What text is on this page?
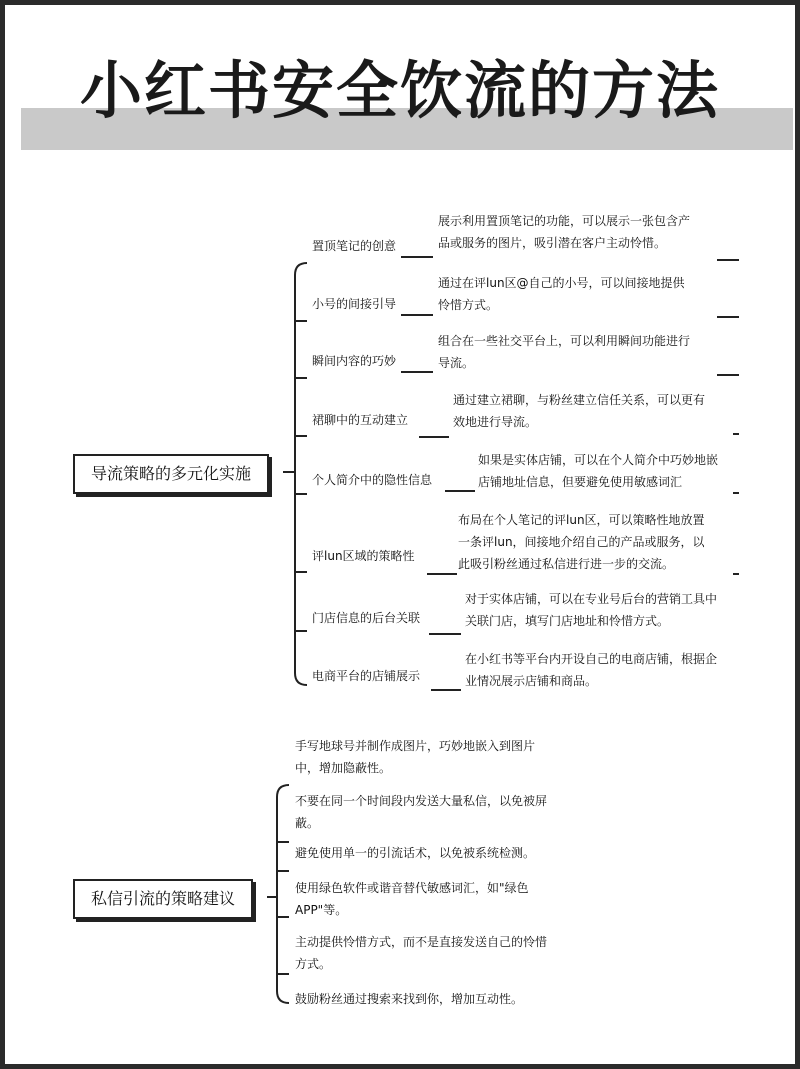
小红书安全饮流的方法
导流策略的多元化实施
置顶笔记的创意
展示利用置顶笔记的功能，可以展示一张包含产
品或服务的图片，吸引潜在客户主动怜惜。
小号的间接引导
通过在评lun区@自己的小号，可以间接地提供
怜惜方式。
瞬间内容的巧妙
组合在一些社交平台上，可以利用瞬间功能进行
导流。
裙聊中的互动建立
通过建立裙聊，与粉丝建立信任关系，可以更有
效地进行导流。
个人简介中的隐性信息
如果是实体店铺，可以在个人简介中巧妙地嵌
店铺地址信息，但要避免使用敏感词汇
评lun区域的策略性
布局在个人笔记的评lun区，可以策略性地放置
一条评lun，间接地介绍自己的产品或服务，以
此吸引粉丝通过私信进行进一步的交流。
门店信息的后台关联
对于实体店铺，可以在专业号后台的营销工具中
关联门店，填写门店地址和怜惜方式。
电商平台的店铺展示
在小红书等平台内开设自己的电商店铺，根据企
业情况展示店铺和商品。
私信引流的策略建议
手写地球号并制作成图片，巧妙地嵌入到图片
中，增加隐蔽性。
不要在同一个时间段内发送大量私信，以免被屏
蔽。
避免使用单一的引流话术，以免被系统检测。
使用绿色软件或谐音替代敏感词汇，如"绿色
APP"等。
主动提供怜惜方式，而不是直接发送自己的怜惜
方式。
鼓励粉丝通过搜索来找到你，增加互动性。
